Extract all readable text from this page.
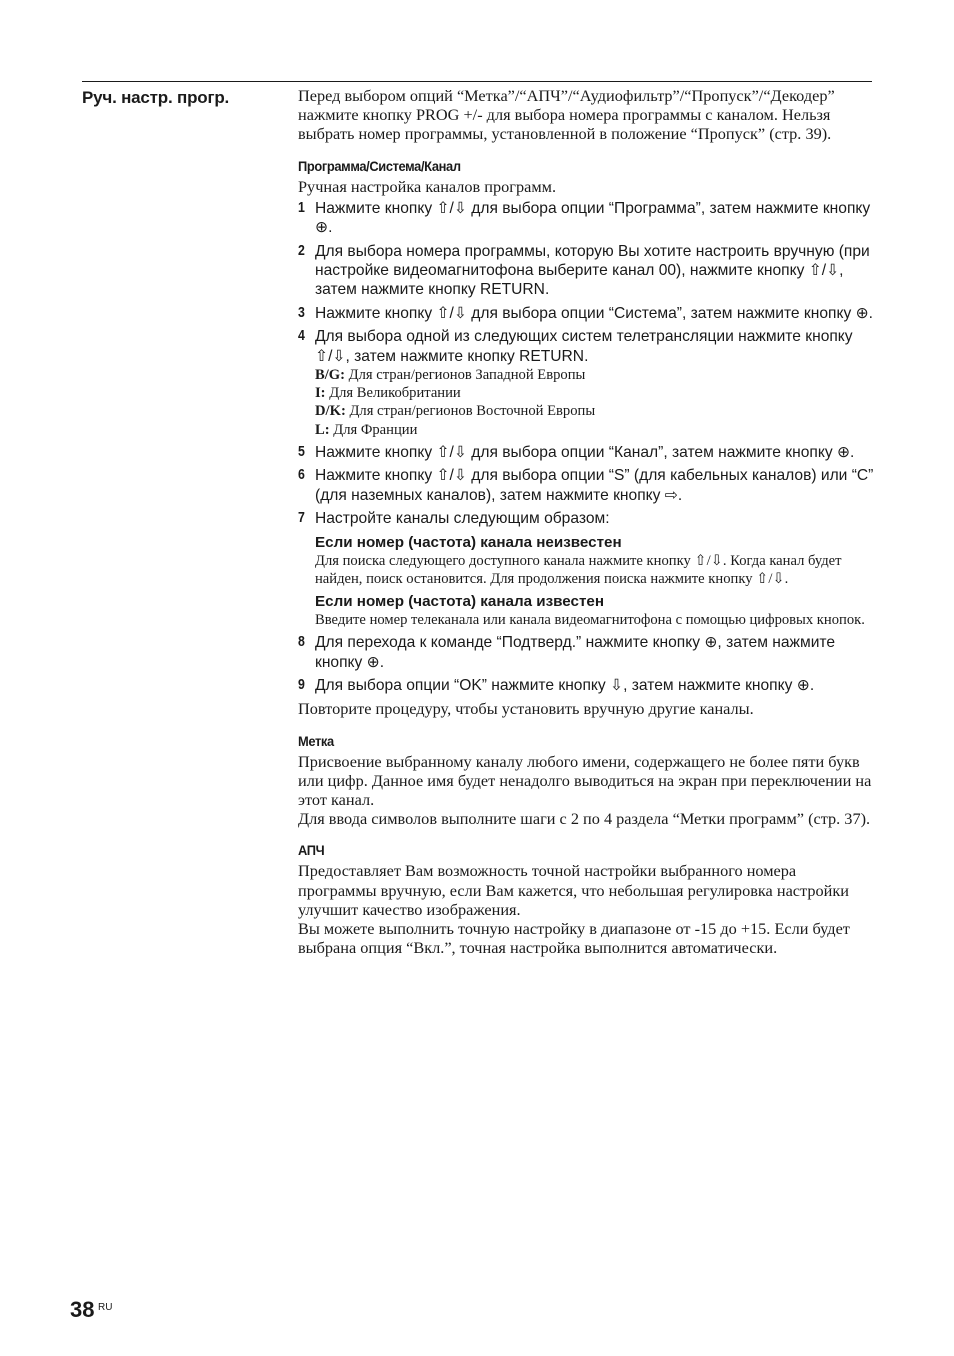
Руч. настр. прогр.	Перед выбором опций “Метка”/“АПЧ”/“Аудиофильтр”/“Пропуск”/“Декодер” нажмите кнопку PROG +/- для выбора номера программы с каналом. Нельзя выбрать номер программы, установленной в положение “Пропуск” (стр. 39).

Программа/Система/Канал

Ручная настройка каналов программ.

1 Нажмите кнопку ⇧/⇩ для выбора опции “Программа”, затем нажмите кнопку ⊕.
2 Для выбора номера программы, которую Вы хотите настроить вручную (при настройке видеомагнитофона выберите канал 00), нажмите кнопку ⇧/⇩, затем нажмите кнопку RETURN.
3 Нажмите кнопку ⇧/⇩ для выбора опции “Система”, затем нажмите кнопку ⊕.
4 Для выбора одной из следующих систем телетрансляции нажмите кнопку ⇧/⇩, затем нажмите кнопку RETURN.
B/G: Для стран/регионов Западной Европы
I: Для Великобритании
D/K: Для стран/регионов Восточной Европы
L: Для Франции
5 Нажмите кнопку ⇧/⇩ для выбора опции “Канал”, затем нажмите кнопку ⊕.
6 Нажмите кнопку ⇧/⇩ для выбора опции “S” (для кабельных каналов) или “C” (для наземных каналов), затем нажмите кнопку ⇨.
7 Настройте каналы следующим образом:
Если номер (частота) канала неизвестен
Для поиска следующего доступного канала нажмите кнопку ⇧/⇩. Когда канал будет найден, поиск остановится. Для продолжения поиска нажмите кнопку ⇧/⇩.
Если номер (частота) канала известен
Введите номер телеканала или канала видеомагнитофона с помощью цифровых кнопок.
8 Для перехода к команде “Подтверд.” нажмите кнопку ⊕, затем нажмите кнопку ⊕.
9 Для выбора опции “OK” нажмите кнопку ⇩, затем нажмите кнопку ⊕.

Повторите процедуру, чтобы установить вручную другие каналы.

Метка

Присвоение выбранному каналу любого имени, содержащего не более пяти букв или цифр. Данное имя будет ненадолго выводиться на экран при переключении на этот канал.

Для ввода символов выполните шаги с 2 по 4 раздела “Метки программ” (стр. 37).

АПЧ

Предоставляет Вам возможность точной настройки выбранного номера программы вручную, если Вам кажется, что небольшая регулировка настройки улучшит качество изображения.

Вы можете выполнить точную настройку в диапазоне от -15 до +15. Если будет выбрана опция “Вкл.”, точная настройка выполнится автоматически.

38 RU
